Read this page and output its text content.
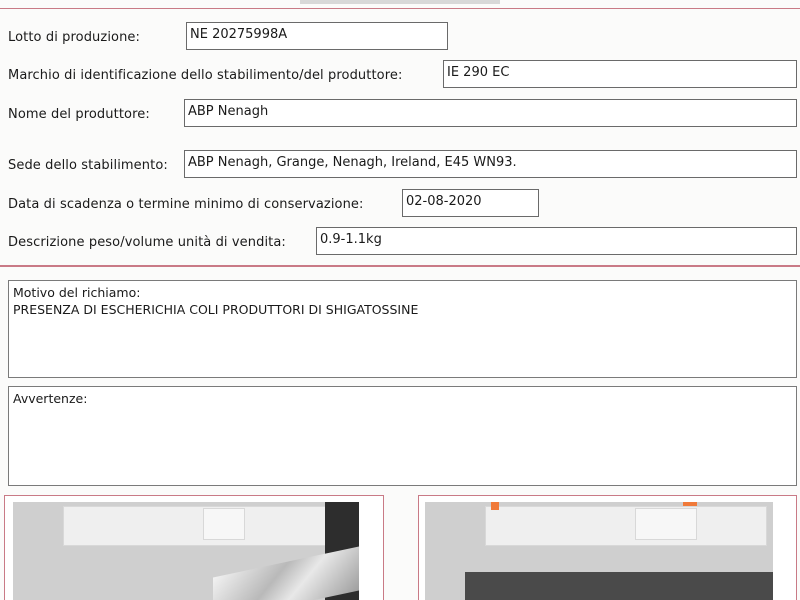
Lotto di produzione:	NE 20275998A
Marchio di identificazione dello stabilimento/del produttore:	IE 290 EC
Nome del produttore:	ABP Nenagh
Sede dello stabilimento:	ABP Nenagh, Grange, Nenagh, Ireland, E45 WN93.
Data di scadenza o termine minimo di conservazione:	02-08-2020
Descrizione peso/volume unità di vendita:	0.9-1.1kg
Motivo del richiamo:
PRESENZA DI ESCHERICHIA COLI PRODUTTORI DI SHIGATOSSINE
Avvertenze:
